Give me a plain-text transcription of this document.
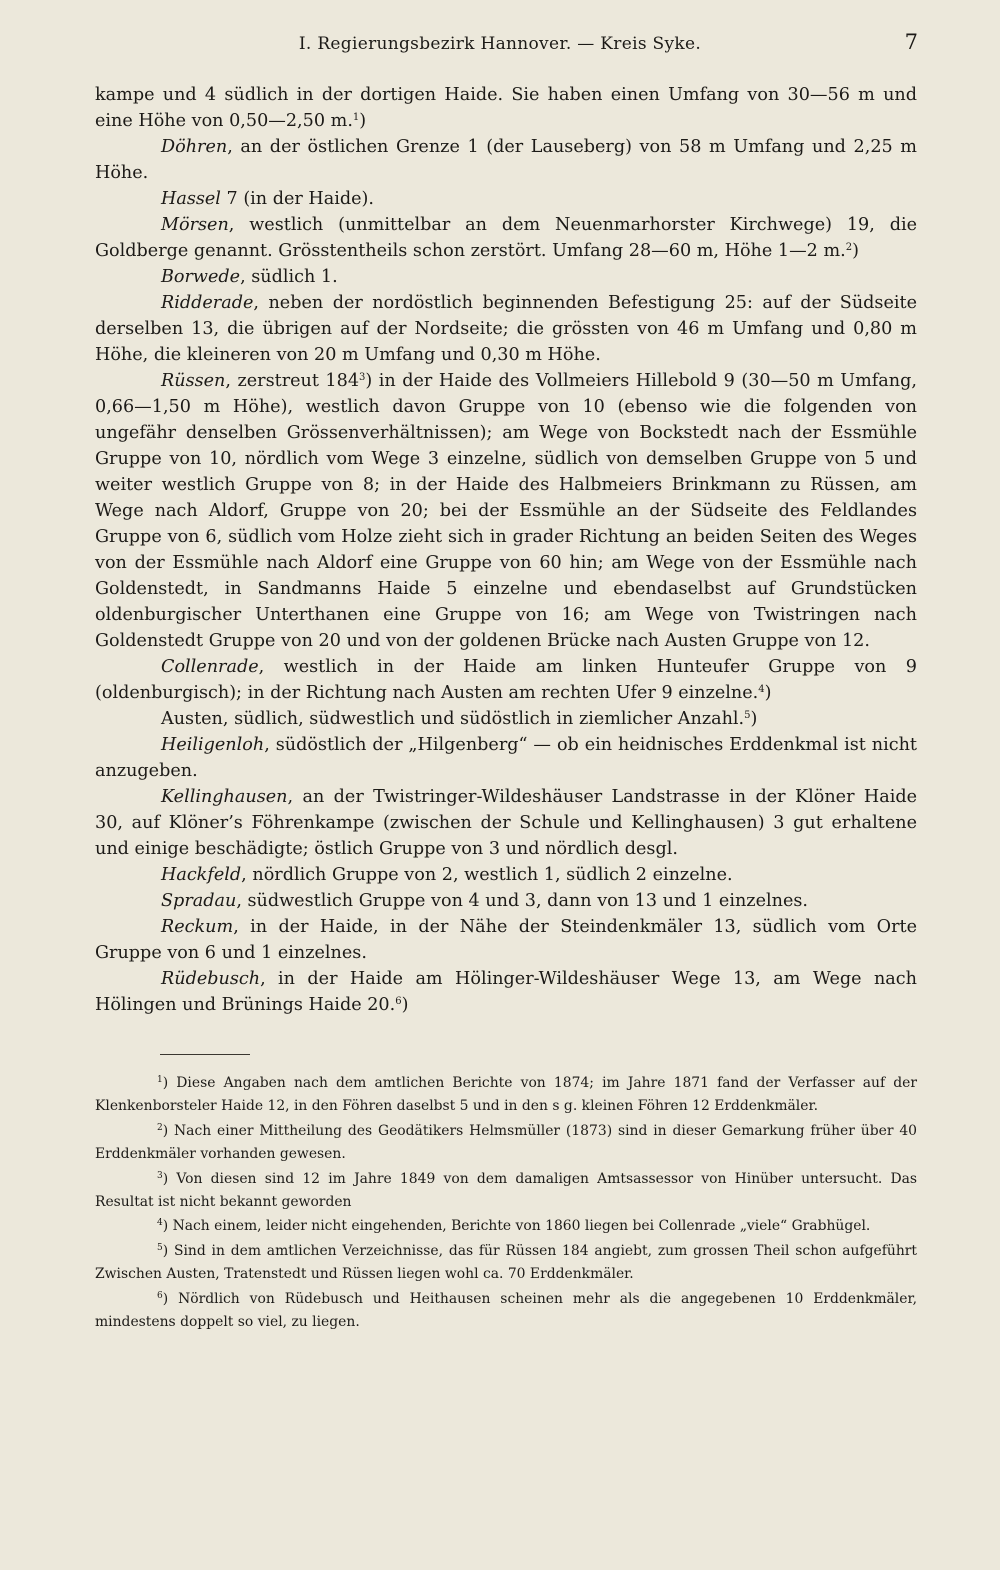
I. Regierungsbezirk Hannover. — Kreis Syke.	7

kampe und 4 südlich in der dortigen Haide. Sie haben einen Umfang von 30—56 m und eine Höhe von 0,50—2,50 m.$^1$)

Döhren, an der östlichen Grenze 1 (der Lauseberg) von 58 m Umfang und 2,25 m Höhe.

Hassel 7 (in der Haide).

Mörsen, westlich (unmittelbar an dem Neuenmarhorster Kirchwege) 19, die Goldberge genannt. Grösstentheils schon zerstört. Umfang 28—60 m, Höhe 1—2 m.$^2$)

Borwede, südlich 1.

Ridderade, neben der nordöstlich beginnenden Befestigung 25: auf der Südseite derselben 13, die übrigen auf der Nordseite; die grössten von 46 m Umfang und 0,80 m Höhe, die kleineren von 20 m Umfang und 0,30 m Höhe.

Rüssen, zerstreut $184^3$) in der Haide des Vollmeiers Hillebold 9 (30—50 m Umfang, 0,66—1,50 m Höhe), westlich davon Gruppe von 10 (ebenso wie die folgenden von ungefähr denselben Grössenverhältnissen); am Wege von Bockstedt nach der Essmühle Gruppe von 10, nördlich vom Wege 3 einzelne, südlich von demselben Gruppe von 5 und weiter westlich Gruppe von 8; in der Haide des Halbmeiers Brinkmann zu Rüssen, am Wege nach Aldorf, Gruppe von 20; bei der Essmühle an der Südseite des Feldlandes Gruppe von 6, südlich vom Holze zieht sich in grader Richtung an beiden Seiten des Weges von der Essmühle nach Aldorf eine Gruppe von 60 hin; am Wege von der Essmühle nach Goldenstedt, in Sandmanns Haide 5 einzelne und ebendaselbst auf Grundstücken oldenburgischer Unterthanen eine Gruppe von 16; am Wege von Twistringen nach Goldenstedt Gruppe von 20 und von der goldenen Brücke nach Austen Gruppe von 12.

Collenrade, westlich in der Haide am linken Hunteufer Gruppe von 9 (oldenburgisch); in der Richtung nach Austen am rechten Ufer 9 einzelne.$^4$)

Austen, südlich, südwestlich und südöstlich in ziemlicher Anzahl.$^5$)

Heiligenloh, südöstlich der „Hilgenberg“ — ob ein heidnisches Erddenkmal ist nicht anzugeben.

Kellinghausen, an der Twistringer-Wildeshäuser Landstrasse in der Klöner Haide 30, auf Klöner’s Föhrenkampe (zwischen der Schule und Kellinghausen) 3 gut erhaltene und einige beschädigte; östlich Gruppe von 3 und nördlich desgl.

Hackfeld, nördlich Gruppe von 2, westlich 1, südlich 2 einzelne.

Spradau, südwestlich Gruppe von 4 und 3, dann von 13 und 1 einzelnes.

Reckum, in der Haide, in der Nähe der Steindenkmäler 13, südlich vom Orte Gruppe von 6 und 1 einzelnes.

Rüdebusch, in der Haide am Hölinger-Wildeshäuser Wege 13, am Wege nach Hölingen und Brünings Haide 20.$^6$)

$^1$) Diese Angaben nach dem amtlichen Berichte von 1874; im Jahre 1871 fand der Verfasser auf der Klenkenborsteler Haide 12, in den Föhren daselbst 5 und in den s g. kleinen Föhren 12 Erddenkmäler.

$^2$) Nach einer Mittheilung des Geodätikers Helmsmüller (1873) sind in dieser Gemarkung früher über 40 Erddenkmäler vorhanden gewesen.

$^3$) Von diesen sind 12 im Jahre 1849 von dem damaligen Amtsassessor von Hinüber untersucht. Das Resultat ist nicht bekannt geworden

$^4$) Nach einem, leider nicht eingehenden, Berichte von 1860 liegen bei Collenrade „viele“ Grabhügel.

$^5$) Sind in dem amtlichen Verzeichnisse, das für Rüssen 184 angiebt, zum grossen Theil schon aufgeführt Zwischen Austen, Tratenstedt und Rüssen liegen wohl ca. 70 Erddenkmäler.

$^6$) Nördlich von Rüdebusch und Heithausen scheinen mehr als die angegebenen 10 Erddenkmäler, mindestens doppelt so viel, zu liegen.
